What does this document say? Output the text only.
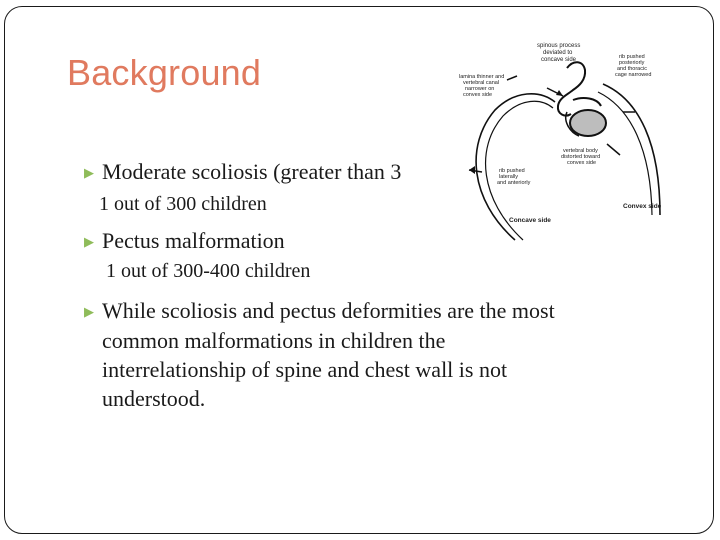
Background
▶ Moderate scoliosis (greater than 3
1 out of 300 children
▶ Pectus malformation
1 out of 300-400 children
▶ While scoliosis and pectus deformities are the most
common malformations in children the
interrelationship of spine and chest wall is not
understood.
spinous process
deviated to
concave side
lamina thinner and
vertebral canal
narrower on
convex side
rib pushed
posteriorly
and thoracic
cage narrowed
vertebral body
distorted toward
convex side
rib pushed
laterally
and anteriorly
Concave side
Convex side
